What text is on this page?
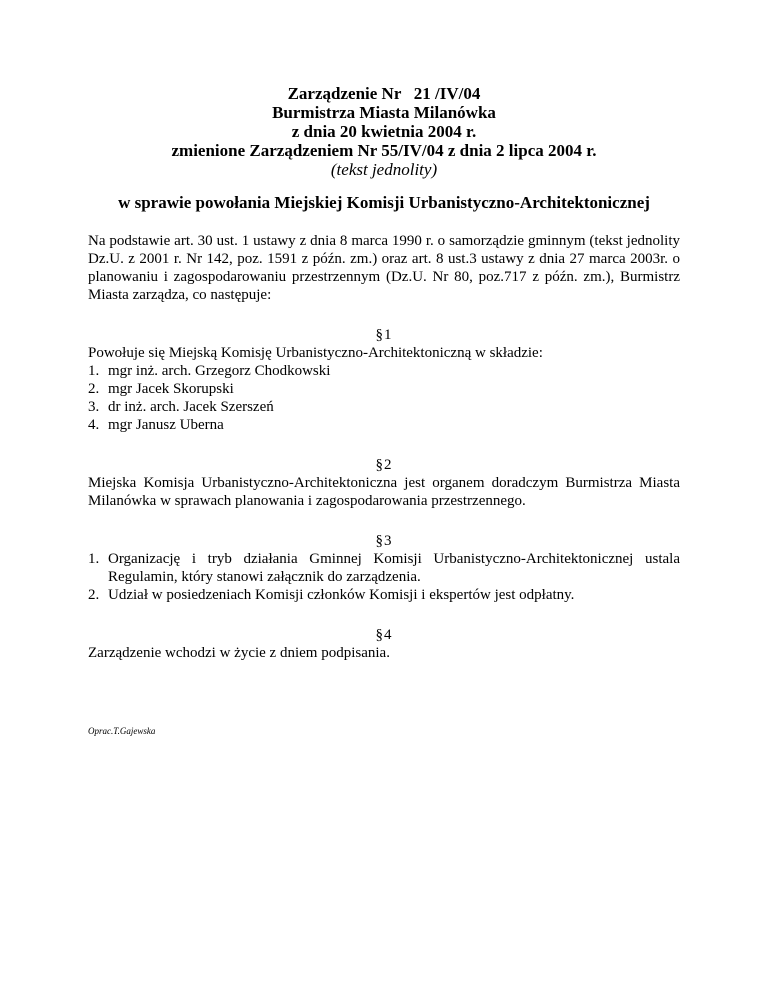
Zarządzenie Nr   21 /IV/04
Burmistrza Miasta Milanówka
z dnia 20 kwietnia 2004 r.
zmienione Zarządzeniem Nr 55/IV/04 z dnia 2 lipca 2004 r.
(tekst jednolity)
w sprawie powołania Miejskiej Komisji Urbanistyczno-Architektonicznej
Na podstawie art. 30 ust. 1 ustawy z dnia 8 marca 1990 r. o samorządzie gminnym (tekst jednolity Dz.U. z 2001 r. Nr 142, poz. 1591 z późn. zm.) oraz art. 8 ust.3 ustawy z dnia 27 marca 2003r. o planowaniu i zagospodarowaniu przestrzennym (Dz.U. Nr 80, poz.717 z późn. zm.), Burmistrz Miasta zarządza, co następuje:
§1
Powołuje się Miejską Komisję Urbanistyczno-Architektoniczną w składzie:
1. mgr inż. arch. Grzegorz Chodkowski
2. mgr Jacek Skorupski
3. dr inż. arch. Jacek Szerszeń
4. mgr Janusz Uberna
§2
Miejska Komisja Urbanistyczno-Architektoniczna jest organem doradczym Burmistrza Miasta Milanówka w sprawach planowania i zagospodarowania przestrzennego.
§3
1. Organizację i tryb działania Gminnej Komisji Urbanistyczno-Architektonicznej ustala Regulamin, który stanowi załącznik do zarządzenia.
2. Udział w posiedzeniach Komisji członków Komisji i ekspertów jest odpłatny.
§4
Zarządzenie wchodzi w życie z dniem podpisania.
Oprac.T.Gajewska
